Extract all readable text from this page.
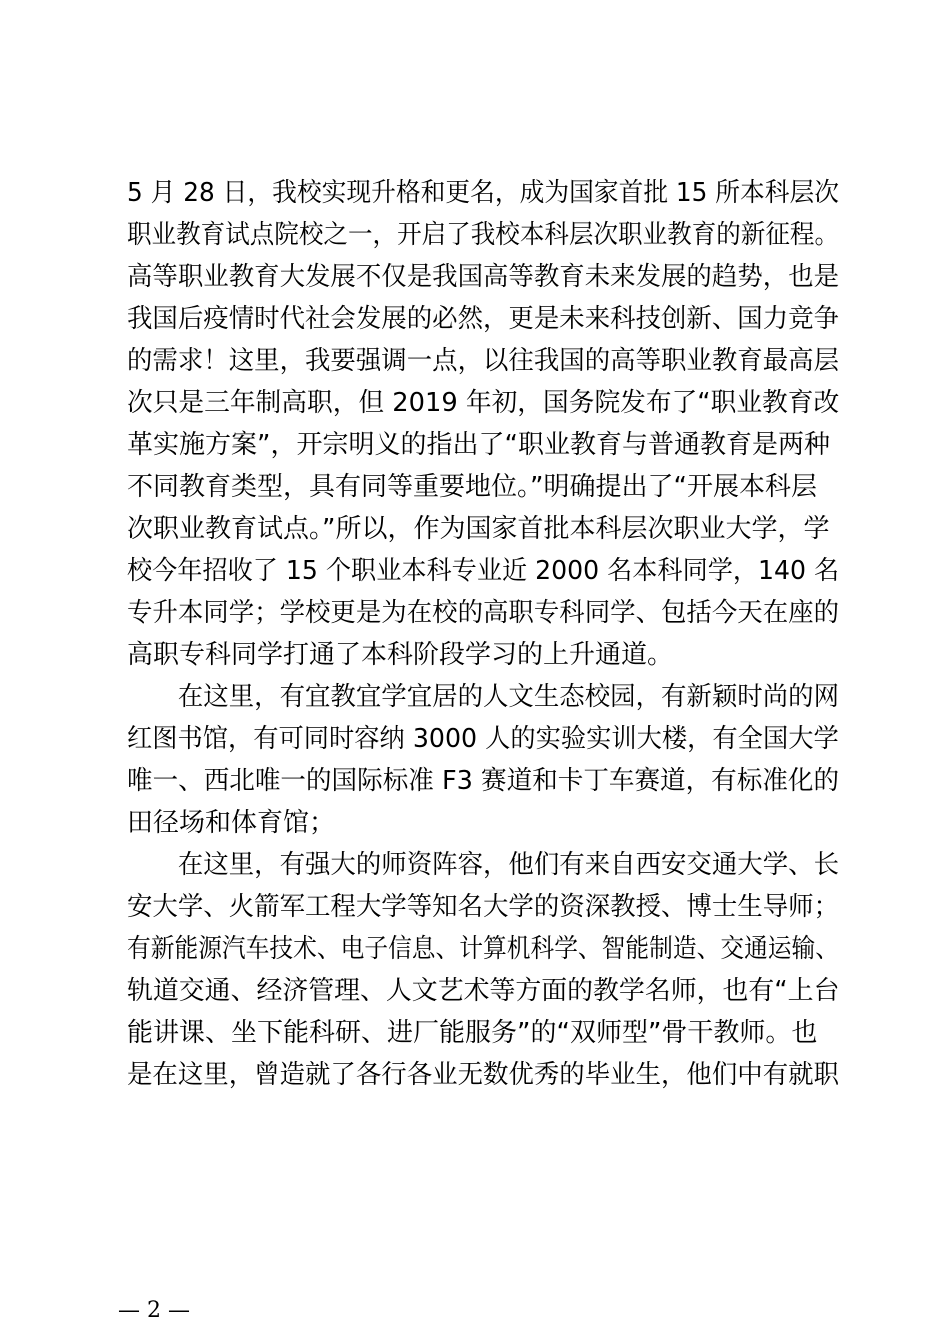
5 月 28 日，我校实现升格和更名，成为国家首批 15 所本科层次
职业教育试点院校之一，开启了我校本科层次职业教育的新征程。
高等职业教育大发展不仅是我国高等教育未来发展的趋势，也是
我国后疫情时代社会发展的必然，更是未来科技创新、国力竞争
的需求！这里，我要强调一点，以往我国的高等职业教育最高层
次只是三年制高职，但 2019 年初，国务院发布了“职业教育改
革实施方案”，开宗明义的指出了“职业教育与普通教育是两种
不同教育类型，具有同等重要地位。”明确提出了“开展本科层
次职业教育试点。”所以，作为国家首批本科层次职业大学，学
校今年招收了 15 个职业本科专业近 2000 名本科同学，140 名
专升本同学；学校更是为在校的高职专科同学、包括今天在座的
高职专科同学打通了本科阶段学习的上升通道。
　　在这里，有宜教宜学宜居的人文生态校园，有新颖时尚的网
红图书馆，有可同时容纳 3000 人的实验实训大楼，有全国大学
唯一、西北唯一的国际标准 F3 赛道和卡丁车赛道，有标准化的
田径场和体育馆；
　　在这里，有强大的师资阵容，他们有来自西安交通大学、长
安大学、火箭军工程大学等知名大学的资深教授、博士生导师；
有新能源汽车技术、电子信息、计算机科学、智能制造、交通运输、
轨道交通、经济管理、人文艺术等方面的教学名师，也有“上台
能讲课、坐下能科研、进厂能服务”的“双师型”骨干教师。也
是在这里，曾造就了各行各业无数优秀的毕业生，他们中有就职
— 2 —
